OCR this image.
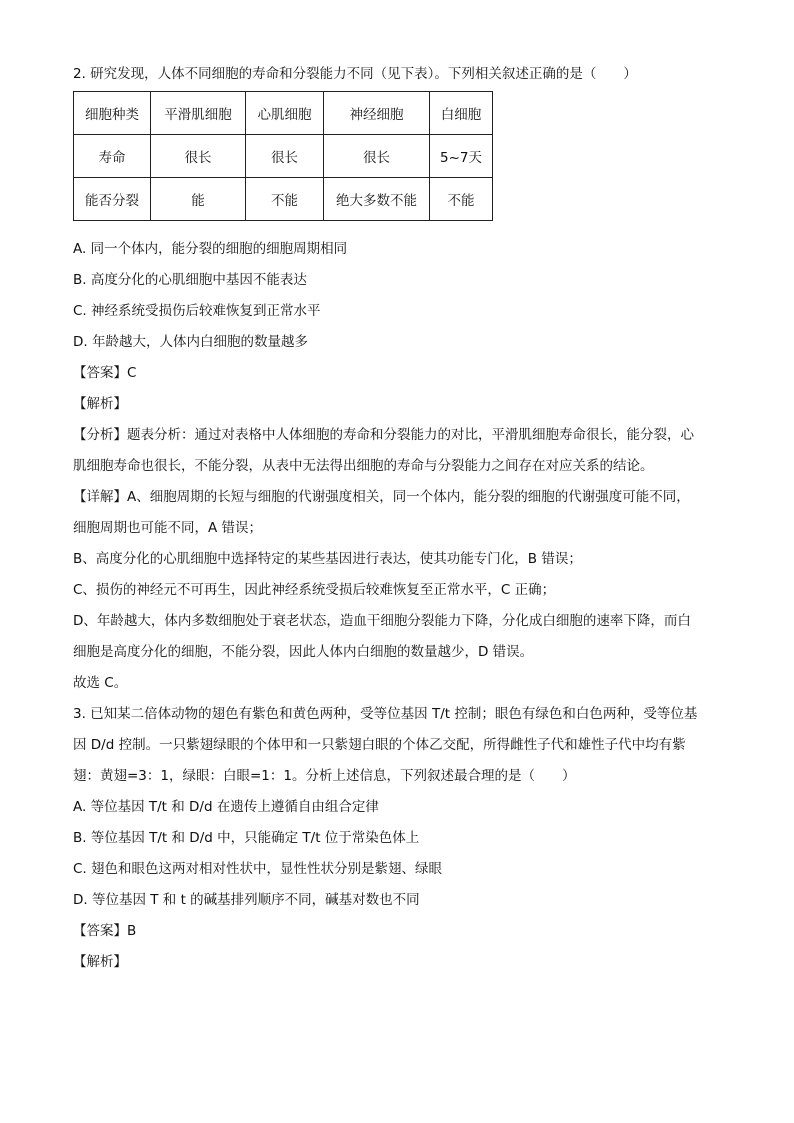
2. 研究发现，人体不同细胞的寿命和分裂能力不同（见下表）。下列相关叙述正确的是（　　）
细胞种类	平滑肌细胞	心肌细胞	神经细胞	白细胞
寿命	很长	很长	很长	5~7天
能否分裂	能	不能	绝大多数不能	不能
A. 同一个体内，能分裂的细胞的细胞周期相同
B. 高度分化的心肌细胞中基因不能表达
C. 神经系统受损伤后较难恢复到正常水平
D. 年龄越大，人体内白细胞的数量越多
【答案】C
【解析】
【分析】题表分析：通过对表格中人体细胞的寿命和分裂能力的对比，平滑肌细胞寿命很长，能分裂，心
肌细胞寿命也很长，不能分裂，从表中无法得出细胞的寿命与分裂能力之间存在对应关系的结论。
【详解】A、细胞周期的长短与细胞的代谢强度相关，同一个体内，能分裂的细胞的代谢强度可能不同，
细胞周期也可能不同，A 错误；
B、高度分化的心肌细胞中选择特定的某些基因进行表达，使其功能专门化，B 错误；
C、损伤的神经元不可再生，因此神经系统受损后较难恢复至正常水平，C 正确；
D、年龄越大，体内多数细胞处于衰老状态，造血干细胞分裂能力下降，分化成白细胞的速率下降，而白
细胞是高度分化的细胞，不能分裂，因此人体内白细胞的数量越少，D 错误。
故选 C。
3. 已知某二倍体动物的翅色有紫色和黄色两种，受等位基因 T/t 控制；眼色有绿色和白色两种，受等位基
因 D/d 控制。一只紫翅绿眼的个体甲和一只紫翅白眼的个体乙交配，所得雌性子代和雄性子代中均有紫
翅：黄翅=3：1，绿眼：白眼=1：1。分析上述信息，下列叙述最合理的是（　　）
A. 等位基因 T/t 和 D/d 在遗传上遵循自由组合定律
B. 等位基因 T/t 和 D/d 中，只能确定 T/t 位于常染色体上
C. 翅色和眼色这两对相对性状中，显性性状分别是紫翅、绿眼
D. 等位基因 T 和 t 的碱基排列顺序不同，碱基对数也不同
【答案】B
【解析】
